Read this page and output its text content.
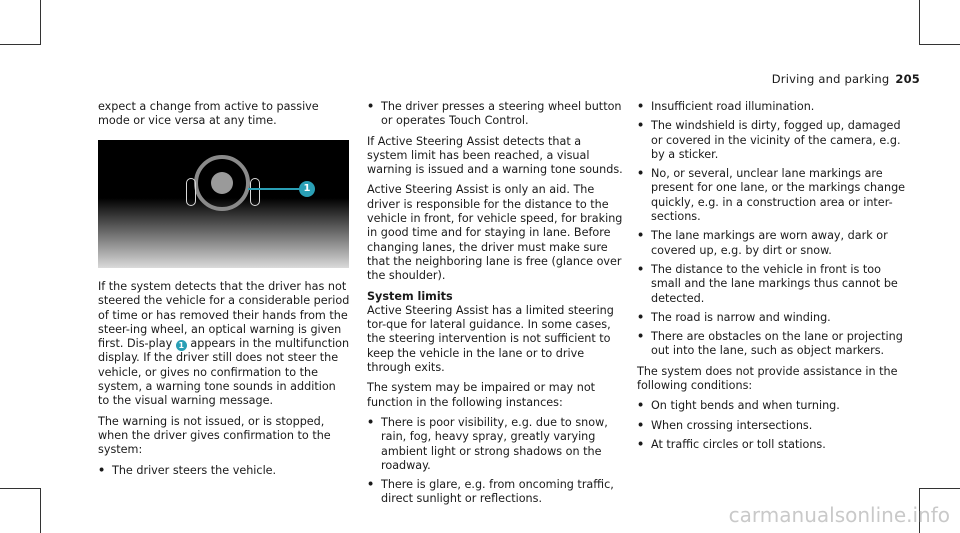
Driving and parking 205

expect a change from active to passive mode or vice versa at any time.

1

If the system detects that the driver has not steered the vehicle for a considerable period of time or has removed their hands from the steer-ing wheel, an optical warning is given first. Dis-play 1 appears in the multifunction display. If the driver still does not steer the vehicle, or gives no confirmation to the system, a warning tone sounds in addition to the visual warning message.

The warning is not issued, or is stopped, when the driver gives confirmation to the system:

• The driver steers the vehicle.
• The driver presses a steering wheel button or operates Touch Control.

If Active Steering Assist detects that a system limit has been reached, a visual warning is issued and a warning tone sounds.

Active Steering Assist is only an aid. The driver is responsible for the distance to the vehicle in front, for vehicle speed, for braking in good time and for staying in lane. Before changing lanes, the driver must make sure that the neighboring lane is free (glance over the shoulder).

System limits

Active Steering Assist has a limited steering tor-que for lateral guidance. In some cases, the steering intervention is not sufficient to keep the vehicle in the lane or to drive through exits.

The system may be impaired or may not function in the following instances:

• There is poor visibility, e.g. due to snow, rain, fog, heavy spray, greatly varying ambient light or strong shadows on the roadway.
• There is glare, e.g. from oncoming traffic, direct sunlight or reflections.
• Insufficient road illumination.
• The windshield is dirty, fogged up, damaged or covered in the vicinity of the camera, e.g. by a sticker.
• No, or several, unclear lane markings are present for one lane, or the markings change quickly, e.g. in a construction area or inter-sections.
• The lane markings are worn away, dark or covered up, e.g. by dirt or snow.
• The distance to the vehicle in front is too small and the lane markings thus cannot be detected.
• The road is narrow and winding.
• There are obstacles on the lane or projecting out into the lane, such as object markers.

The system does not provide assistance in the following conditions:

• On tight bends and when turning.
• When crossing intersections.
• At traffic circles or toll stations.
carmanualsonline.info
